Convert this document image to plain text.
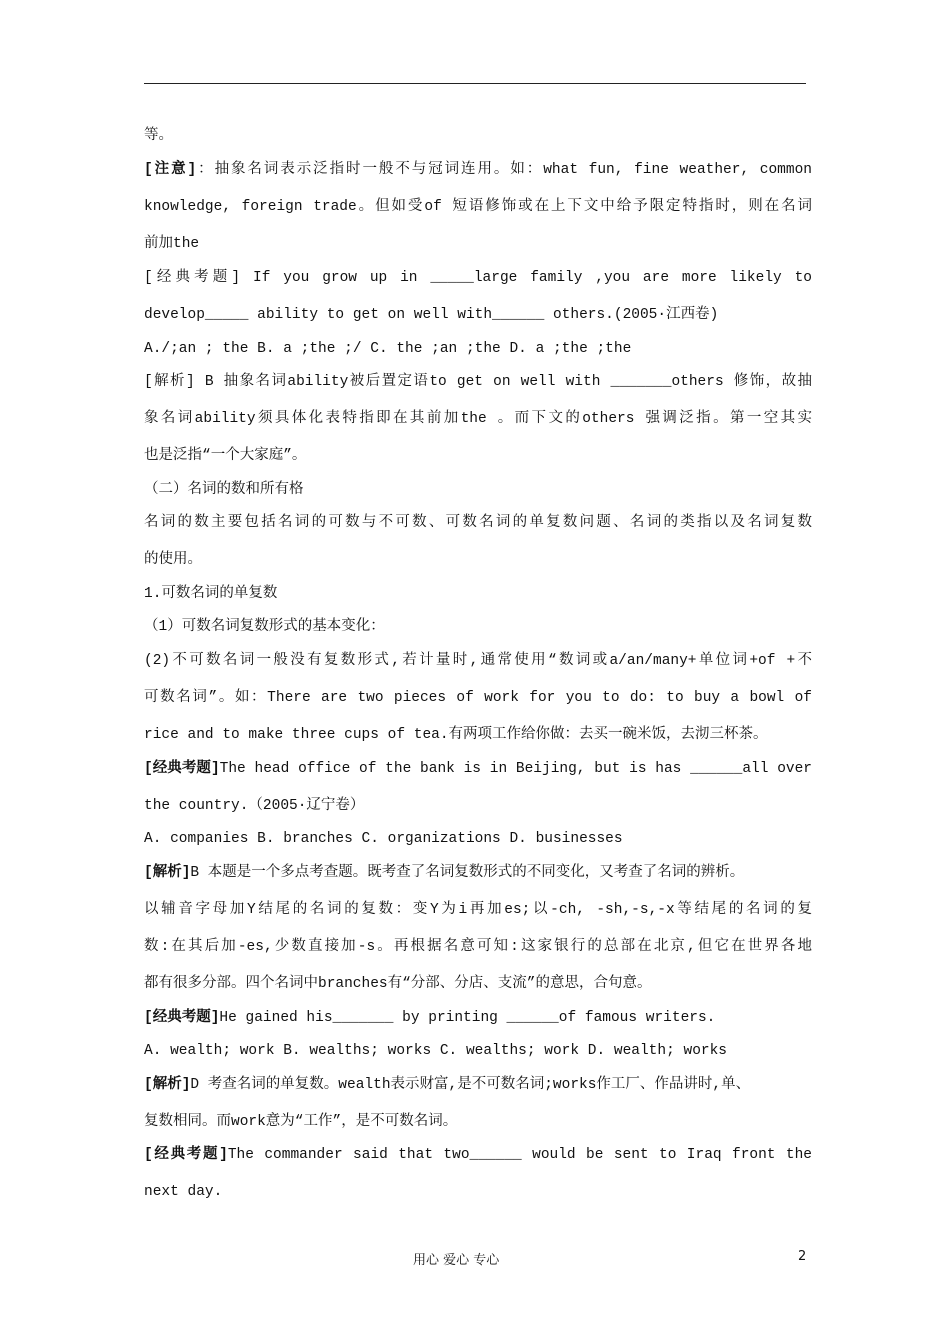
等。
[注意]：抽象名词表示泛指时一般不与冠词连用。如：what fun, fine weather, common
knowledge, foreign trade。但如受of 短语修饰或在上下文中给予限定特指时，则在名词
前加the
[经典考题] If you grow up in _____large family ,you are more likely to
develop_____ ability to get on well with______ others.(2005·江西卷)
A./;an ; the B. a ;the ;/ C. the ;an ;the D. a ;the ;the
[解析] B 抽象名词ability被后置定语to get on well with _______others 修饰，故抽
象名词ability须具体化表特指即在其前加the 。而下文的others 强调泛指。第一空其实
也是泛指“一个大家庭”。
（二）名词的数和所有格
名词的数主要包括名词的可数与不可数、可数名词的单复数问题、名词的类指以及名词复数
的使用。
1.可数名词的单复数
（1）可数名词复数形式的基本变化：
(2)不可数名词一般没有复数形式,若计量时,通常使用“数词或a/an/many+单位词+of +不
可数名词”。如：There are two pieces of work for you to do: to buy a bowl of
rice and to make three cups of tea.有两项工作给你做：去买一碗米饭，去沏三杯茶。
[经典考题]The head office of the bank is in Beijing, but is has ______all over
the country.（2005·辽宁卷）
A. companies B. branches C. organizations D. businesses
[解析]B 本题是一个多点考查题。既考查了名词复数形式的不同变化，又考查了名词的辨析。
以辅音字母加Y结尾的名词的复数：变Y为i再加es;以-ch, -sh,-s,-x等结尾的名词的复
数:在其后加-es,少数直接加-s。再根据名意可知:这家银行的总部在北京,但它在世界各地
都有很多分部。四个名词中branches有“分部、分店、支流”的意思，合句意。
[经典考题]He gained his_______ by printing ______of famous writers.
A. wealth; work B. wealths; works C. wealths; work D. wealth; works
[解析]D 考查名词的单复数。wealth表示财富,是不可数名词;works作工厂、作品讲时,单、
复数相同。而work意为“工作”，是不可数名词。
[经典考题]The commander said that two______ would be sent to Iraq front the
next day.
用心 爱心 专心	2
